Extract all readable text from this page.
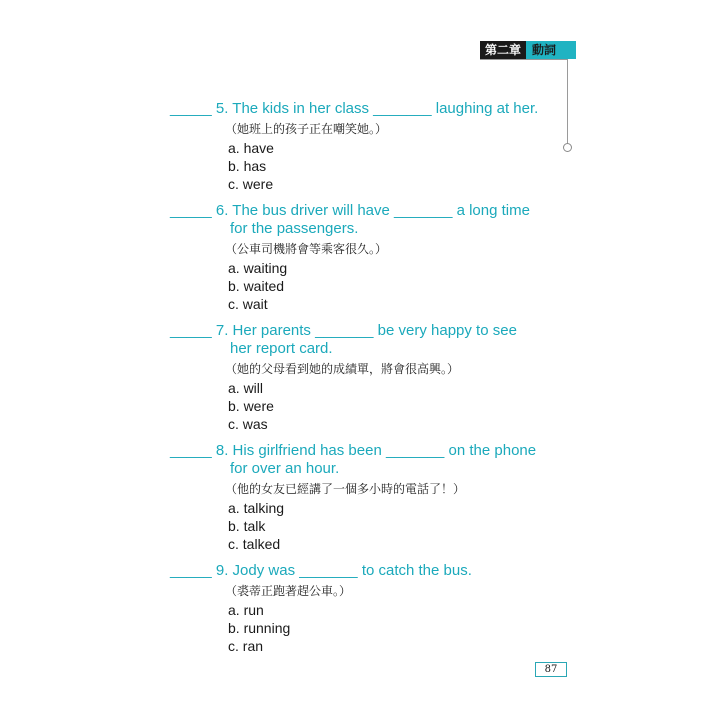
第二章 動詞
_____ 5. The kids in her class _______ laughing at her.
（她班上的孩子正在嘲笑她。）
a. have
b. has
c. were
_____ 6. The bus driver will have _______ a long time
for the passengers.
（公車司機將會等乘客很久。）
a. waiting
b. waited
c. wait
_____ 7. Her parents _______ be very happy to see
her report card.
（她的父母看到她的成績單，將會很高興。）
a. will
b. were
c. was
_____ 8. His girlfriend has been _______ on the phone
for over an hour.
（他的女友已經講了一個多小時的電話了！）
a. talking
b. talk
c. talked
_____ 9. Jody was _______ to catch the bus.
（裘蒂正跑著趕公車。）
a. run
b. running
c. ran
87
